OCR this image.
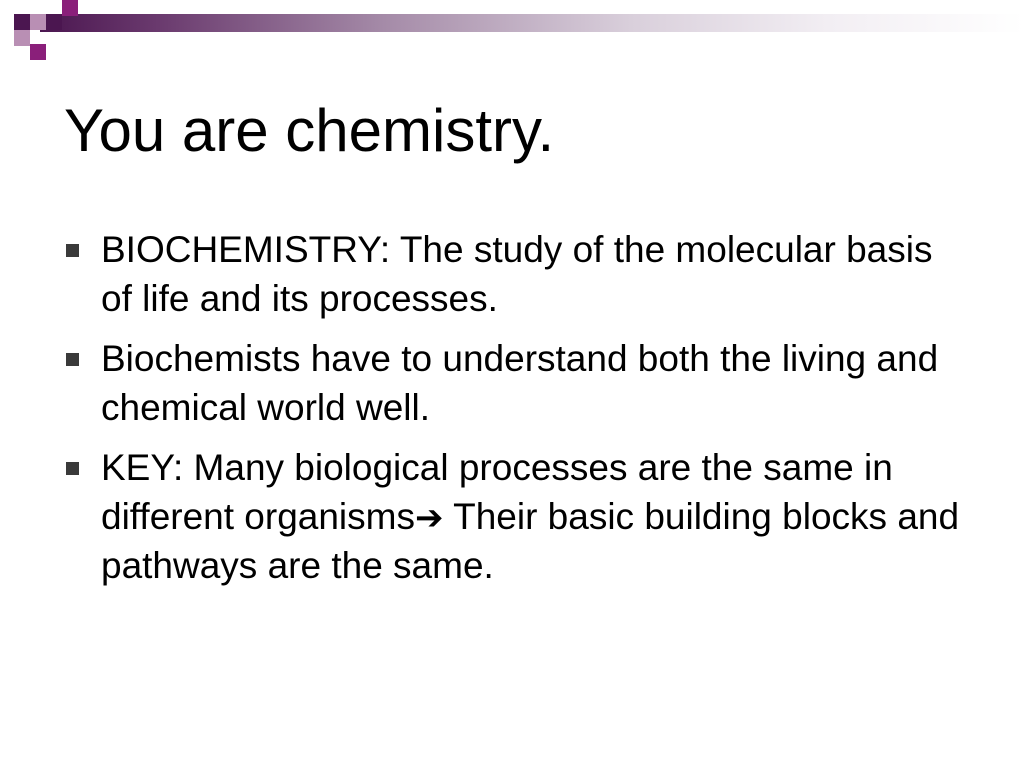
You are chemistry.
BIOCHEMISTRY: The study of the molecular basis of life and its processes.
Biochemists have to understand both the living and chemical world well.
KEY: Many biological processes are the same in different organisms➔ Their basic building blocks and pathways are the same.
